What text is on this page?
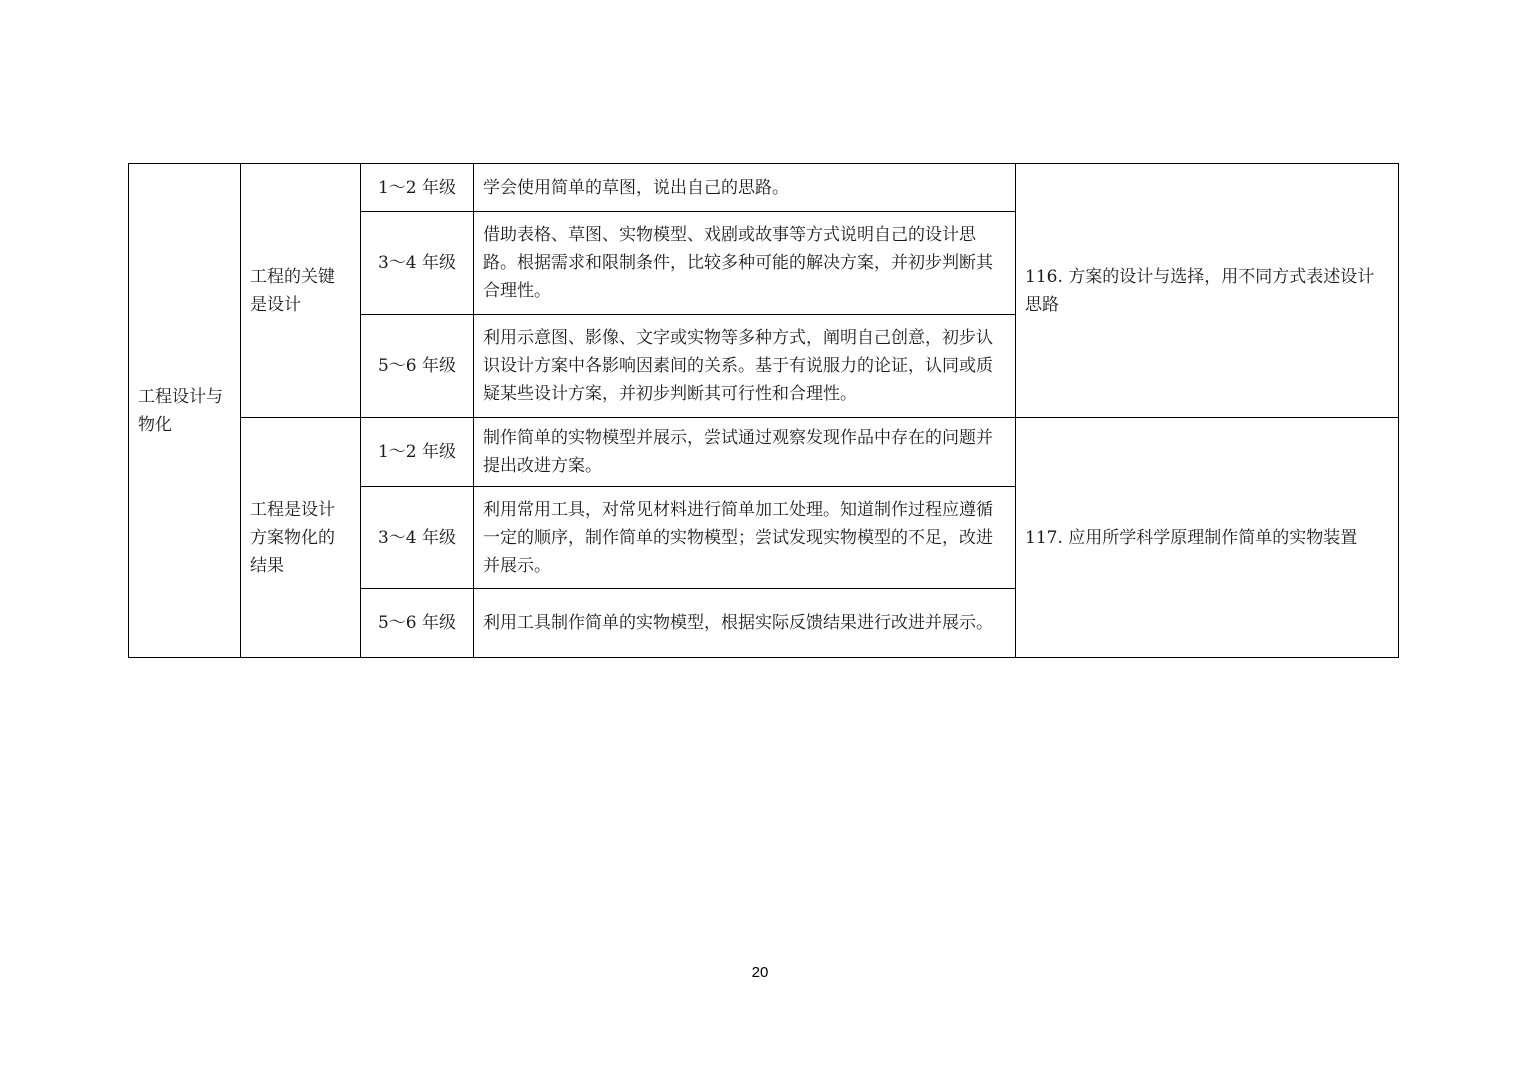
工程设计与物化	工程的关键是设计	1～2 年级	学会使用简单的草图，说出自己的思路。	116. 方案的设计与选择，用不同方式表述设计思路
		3～4 年级	借助表格、草图、实物模型、戏剧或故事等方式说明自己的设计思路。根据需求和限制条件，比较多种可能的解决方案，并初步判断其合理性。	
		5～6 年级	利用示意图、影像、文字或实物等多种方式，阐明自己创意，初步认识设计方案中各影响因素间的关系。基于有说服力的论证，认同或质疑某些设计方案，并初步判断其可行性和合理性。	
	工程是设计方案物化的结果	1～2 年级	制作简单的实物模型并展示，尝试通过观察发现作品中存在的问题并提出改进方案。	117. 应用所学科学原理制作简单的实物装置
		3～4 年级	利用常用工具，对常见材料进行简单加工处理。知道制作过程应遵循一定的顺序，制作简单的实物模型；尝试发现实物模型的不足，改进并展示。	
		5～6 年级	利用工具制作简单的实物模型，根据实际反馈结果进行改进并展示。	
20
